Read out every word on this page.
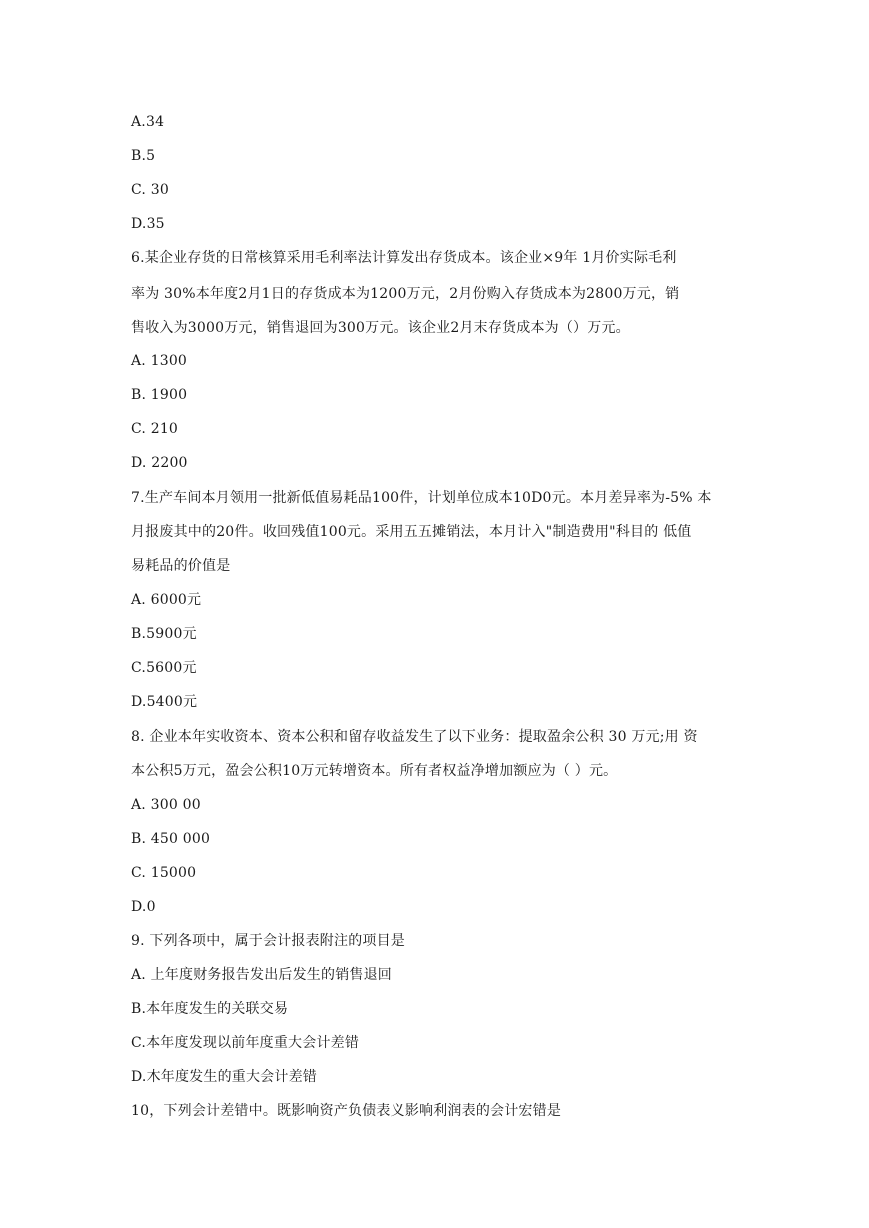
A.34
B.5
C. 30
D.35
6.某企业存货的日常核算采用毛利率法计算发出存货成本。该企业×9年 1月价实际毛利
率为 30%本年度2月1日的存货成本为1200万元，2月份购入存货成本为2800万元，销
售收入为3000万元，销售退回为300万元。该企业2月末存货成本为（）万元。
A. 1300
B. 1900
C. 210
D. 2200
7.生产车间本月领用一批新低值易耗品100件，计划单位成本10D0元。本月差异率为-5% 本
月报废其中的20件。收回残值100元。采用五五摊销法，本月计入"制造费用"科目的 低值
易耗品的价值是
A. 6000元
B.5900元
C.5600元
D.5400元
8. 企业本年实收资本、资本公积和留存收益发生了以下业务：提取盈余公积 30 万元;用 资
本公积5万元，盈会公积10万元转增资本。所有者权益净增加额应为（ ）元。
A. 300 00
B. 450 000
C. 15000
D.0
9. 下列各项中，属于会计报表附注的项目是
A. 上年度财务报告发出后发生的销售退回
B.本年度发生的关联交易
C.本年度发现以前年度重大会计差错
D.木年度发生的重大会计差错
10，下列会计差错中。既影响资产负债表义影响利润表的会计宏错是
